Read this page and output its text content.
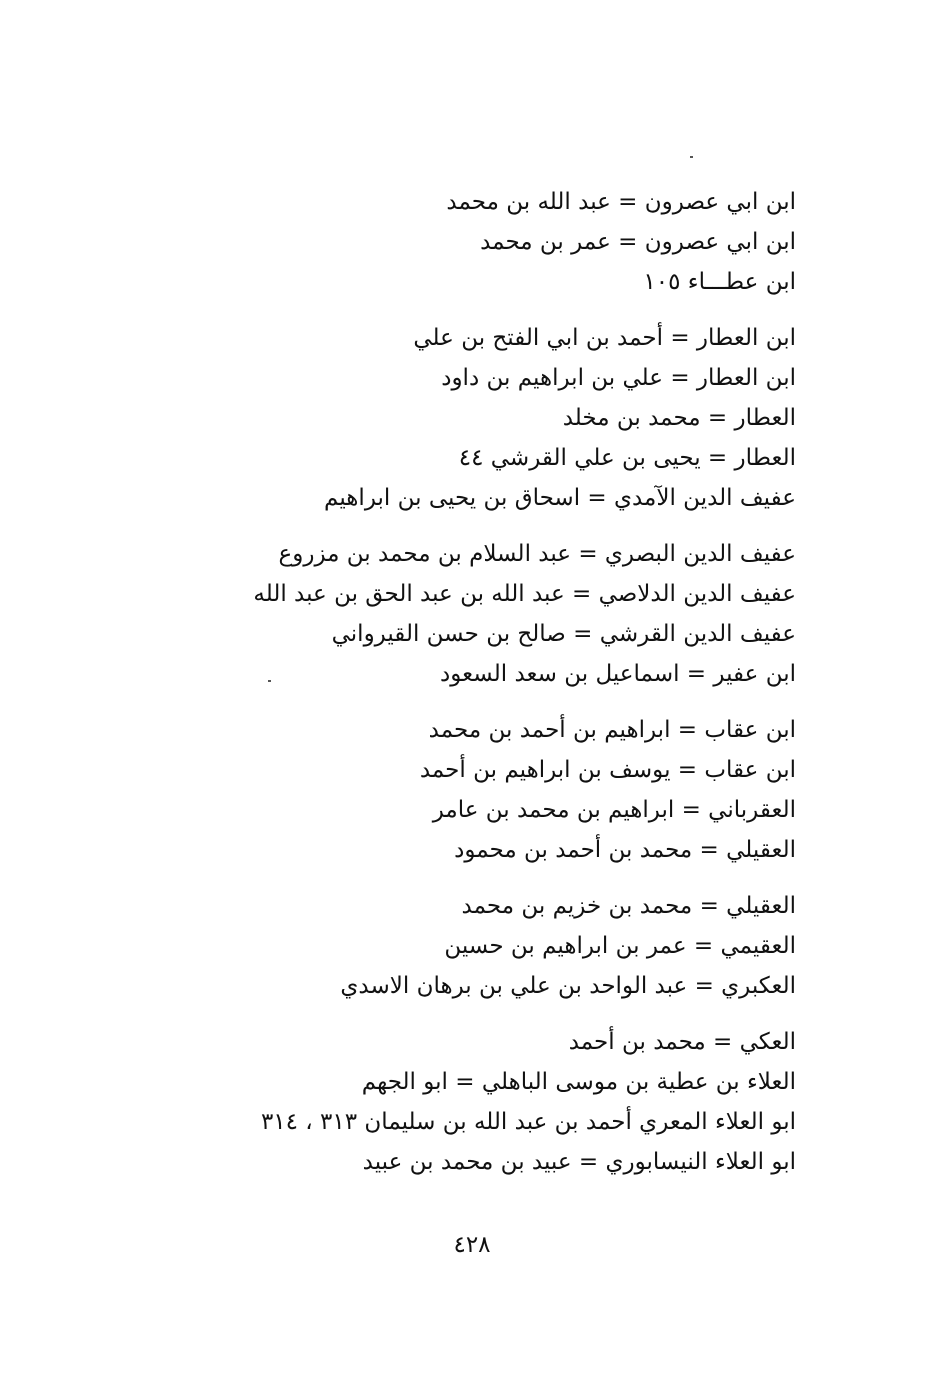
ابن ابي عصرون = عبد الله بن محمد
ابن ابي عصرون = عمر بن محمد
ابن عطـــاء ١٠٥
ابن العطار = أحمد بن ابي الفتح بن علي
ابن العطار = علي بن ابراهيم بن داود
العطار = محمد بن مخلد
العطار = يحيى بن علي القرشي ٤٤
عفيف الدين الآمدي = اسحاق بن يحيى بن ابراهيم
عفيف الدين البصري = عبد السلام بن محمد بن مزروع
عفيف الدين الدلاصي = عبد الله بن عبد الحق بن عبد الله
عفيف الدين القرشي = صالح بن حسن القيرواني
ابن عفير = اسماعيل بن سعد السعود
ابن عقاب = ابراهيم بن أحمد بن محمد
ابن عقاب = يوسف بن ابراهيم بن أحمد
العقرباني = ابراهيم بن محمد بن عامر
العقيلي = محمد بن أحمد بن محمود
العقيلي = محمد بن خزيم بن محمد
العقيمي = عمر بن ابراهيم بن حسين
العكبري = عبد الواحد بن علي بن برهان الاسدي
العكي = محمد بن أحمد
العلاء بن عطية بن موسى الباهلي = ابو الجهم
ابو العلاء المعري أحمد بن عبد الله بن سليمان ٣١٣ ، ٣١٤
ابو العلاء النيسابوري = عبيد بن محمد بن عبيد
٤٢٨
